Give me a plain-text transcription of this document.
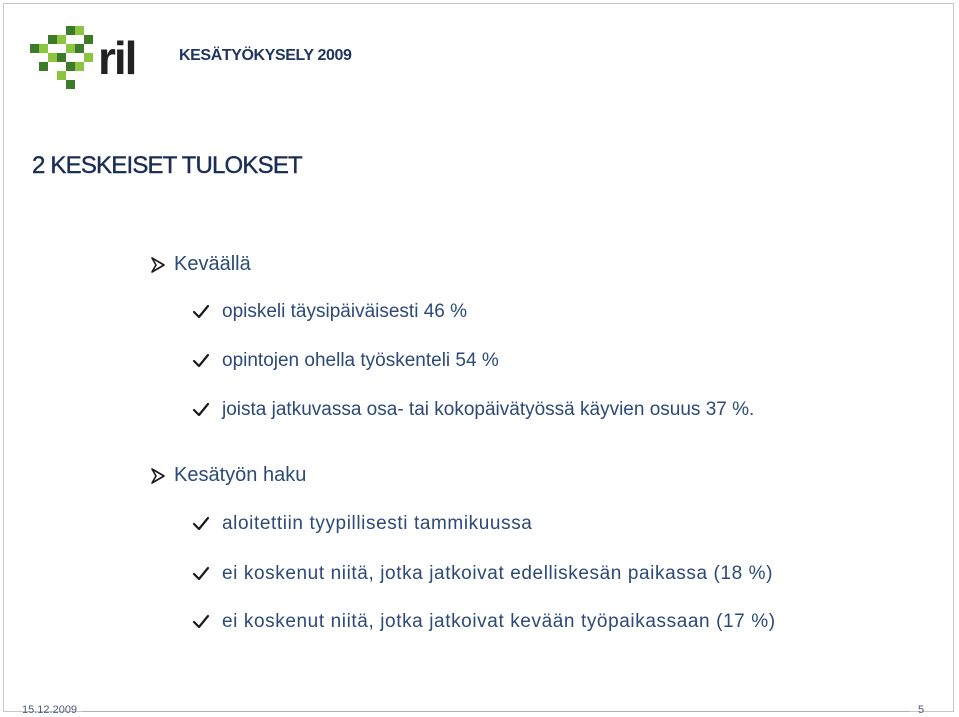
ril	KESÄTYÖKYSELY 2009
2 KESKEISET TULOKSET
Keväällä
opiskeli täysipäiväisesti 46 %
opintojen ohella työskenteli 54 %
joista jatkuvassa osa- tai kokopäivätyössä käyvien osuus 37 %.
Kesätyön haku
aloitettiin tyypillisesti tammikuussa
ei koskenut niitä, jotka jatkoivat edelliskesän paikassa (18 %)
ei koskenut niitä, jotka jatkoivat kevään työpaikassaan (17 %)
15.12.2009	5
